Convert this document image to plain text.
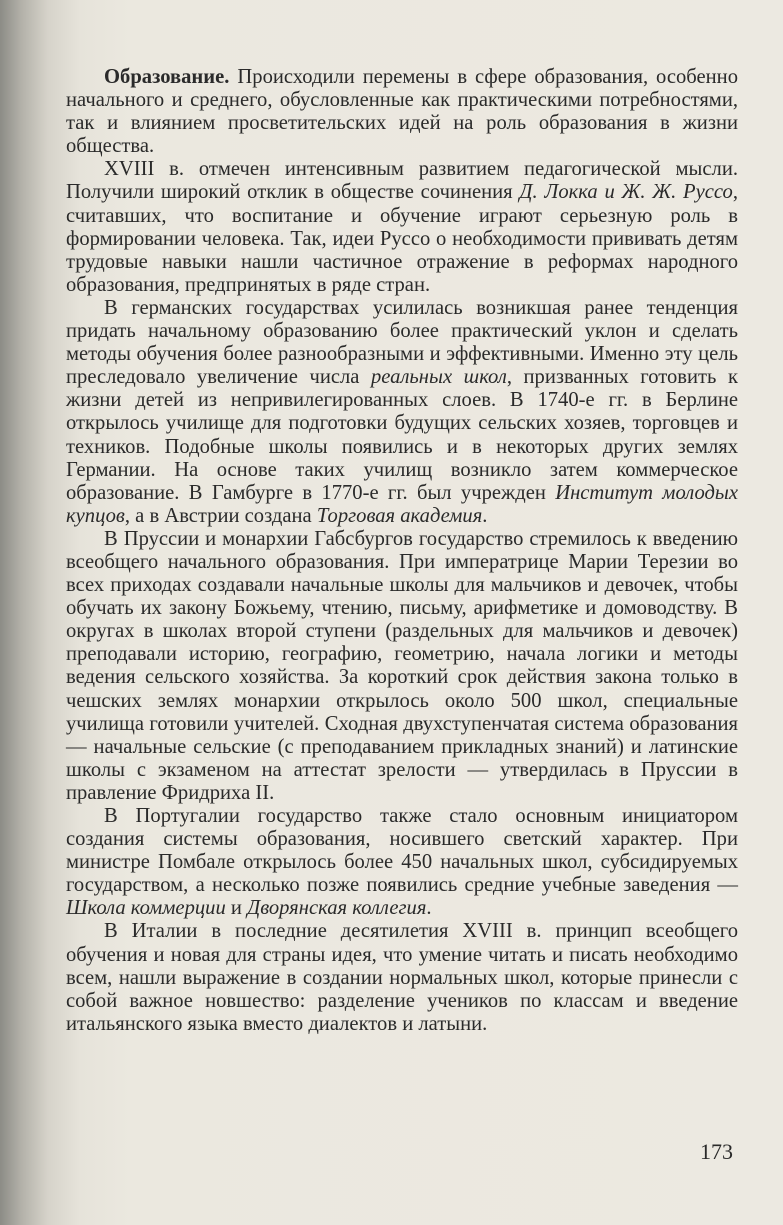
Образование. Происходили перемены в сфере образования, особенно начального и среднего, обусловленные как практическими потребностями, так и влиянием просветительских идей на роль образования в жизни общества.

XVIII в. отмечен интенсивным развитием педагогической мысли. Получили широкий отклик в обществе сочинения Д. Локка и Ж. Ж. Руссо, считавших, что воспитание и обучение играют серьезную роль в формировании человека. Так, идеи Руссо о необходимости прививать детям трудовые навыки нашли частичное отражение в реформах народного образования, предпринятых в ряде стран.

В германских государствах усилилась возникшая ранее тенденция придать начальному образованию более практический уклон и сделать методы обучения более разнообразными и эффективными. Именно эту цель преследовало увеличение числа реальных школ, призванных готовить к жизни детей из непривилегированных слоев. В 1740-е гг. в Берлине открылось училище для подготовки будущих сельских хозяев, торговцев и техников. Подобные школы появились и в некоторых других землях Германии. На основе таких училищ возникло затем коммерческое образование. В Гамбурге в 1770-е гг. был учрежден Институт молодых купцов, а в Австрии создана Торговая академия.

В Пруссии и монархии Габсбургов государство стремилось к введению всеобщего начального образования. При императрице Марии Терезии во всех приходах создавали начальные школы для мальчиков и девочек, чтобы обучать их закону Божьему, чтению, письму, арифметике и домоводству. В округах в школах второй ступени (раздельных для мальчиков и девочек) преподавали историю, географию, геометрию, начала логики и методы ведения сельского хозяйства. За короткий срок действия закона только в чешских землях монархии открылось около 500 школ, специальные училища готовили учителей. Сходная двухступенчатая система образования — начальные сельские (с преподаванием прикладных знаний) и латинские школы с экзаменом на аттестат зрелости — утвердилась в Пруссии в правление Фридриха II.

В Португалии государство также стало основным инициатором создания системы образования, носившего светский характер. При министре Помбале открылось более 450 начальных школ, субсидируемых государством, а несколько позже появились средние учебные заведения — Школа коммерции и Дворянская коллегия.

В Италии в последние десятилетия XVIII в. принцип всеобщего обучения и новая для страны идея, что умение читать и писать необходимо всем, нашли выражение в создании нормальных школ, которые принесли с собой важное новшество: разделение учеников по классам и введение итальянского языка вместо диалектов и латыни.

173
